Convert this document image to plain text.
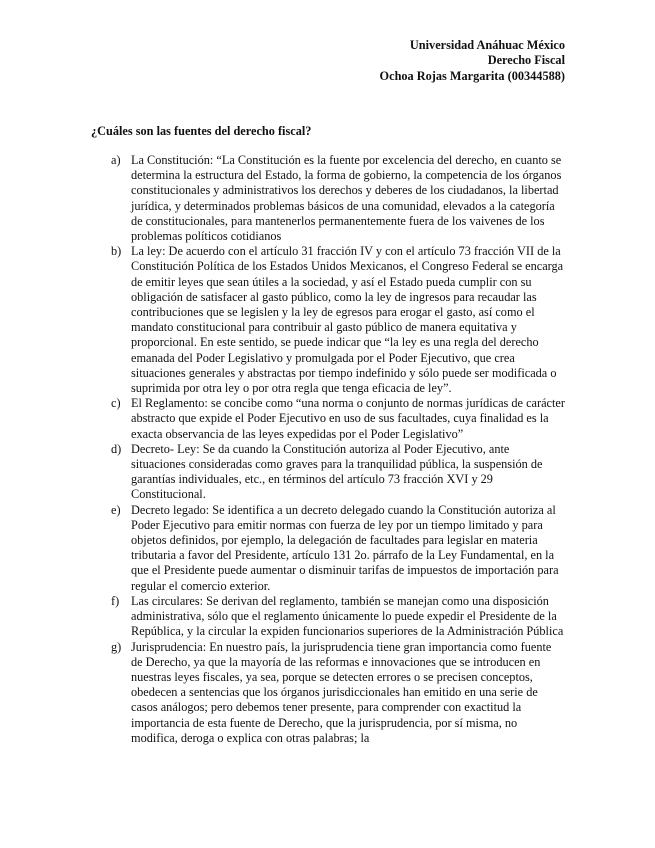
Universidad Anáhuac México
Derecho Fiscal
Ochoa Rojas Margarita (00344588)
¿Cuáles son las fuentes del derecho fiscal?
a) La Constitución: “La Constitución es la fuente por excelencia del derecho, en cuanto se determina la estructura del Estado, la forma de gobierno, la competencia de los órganos constitucionales y administrativos los derechos y deberes de los ciudadanos, la libertad jurídica, y determinados problemas básicos de una comunidad, elevados a la categoría de constitucionales, para mantenerlos permanentemente fuera de los vaivenes de los problemas políticos cotidianos
b) La ley: De acuerdo con el artículo 31 fracción IV y con el artículo 73 fracción VII de la Constitución Política de los Estados Unidos Mexicanos, el Congreso Federal se encarga de emitir leyes que sean útiles a la sociedad, y así el Estado pueda cumplir con su obligación de satisfacer al gasto público, como la ley de ingresos para recaudar las contribuciones que se legislen y la ley de egresos para erogar el gasto, así como el mandato constitucional para contribuir al gasto público de manera equitativa y proporcional. En este sentido, se puede indicar que “la ley es una regla del derecho emanada del Poder Legislativo y promulgada por el Poder Ejecutivo, que crea situaciones generales y abstractas por tiempo indefinido y sólo puede ser modificada o suprimida por otra ley o por otra regla que tenga eficacia de ley”.
c) El Reglamento: se concibe como “una norma o conjunto de normas jurídicas de carácter abstracto que expide el Poder Ejecutivo en uso de sus facultades, cuya finalidad es la exacta observancia de las leyes expedidas por el Poder Legislativo”
d) Decreto- Ley: Se da cuando la Constitución autoriza al Poder Ejecutivo, ante situaciones consideradas como graves para la tranquilidad pública, la suspensión de garantías individuales, etc., en términos del artículo 73 fracción XVI y 29 Constitucional.
e) Decreto legado: Se identifica a un decreto delegado cuando la Constitución autoriza al Poder Ejecutivo para emitir normas con fuerza de ley por un tiempo limitado y para objetos definidos, por ejemplo, la delegación de facultades para legislar en materia tributaria a favor del Presidente, artículo 131 2o. párrafo de la Ley Fundamental, en la que el Presidente puede aumentar o disminuir tarifas de impuestos de importación para regular el comercio exterior.
f) Las circulares: Se derivan del reglamento, también se manejan como una disposición administrativa, sólo que el reglamento únicamente lo puede expedir el Presidente de la República, y la circular la expiden funcionarios superiores de la Administración Pública
g) Jurisprudencia: En nuestro país, la jurisprudencia tiene gran importancia como fuente de Derecho, ya que la mayoría de las reformas e innovaciones que se introducen en nuestras leyes fiscales, ya sea, porque se detecten errores o se precisen conceptos, obedecen a sentencias que los órganos jurisdiccionales han emitido en una serie de casos análogos; pero debemos tener presente, para comprender con exactitud la importancia de esta fuente de Derecho, que la jurisprudencia, por sí misma, no modifica, deroga o explica con otras palabras; la
